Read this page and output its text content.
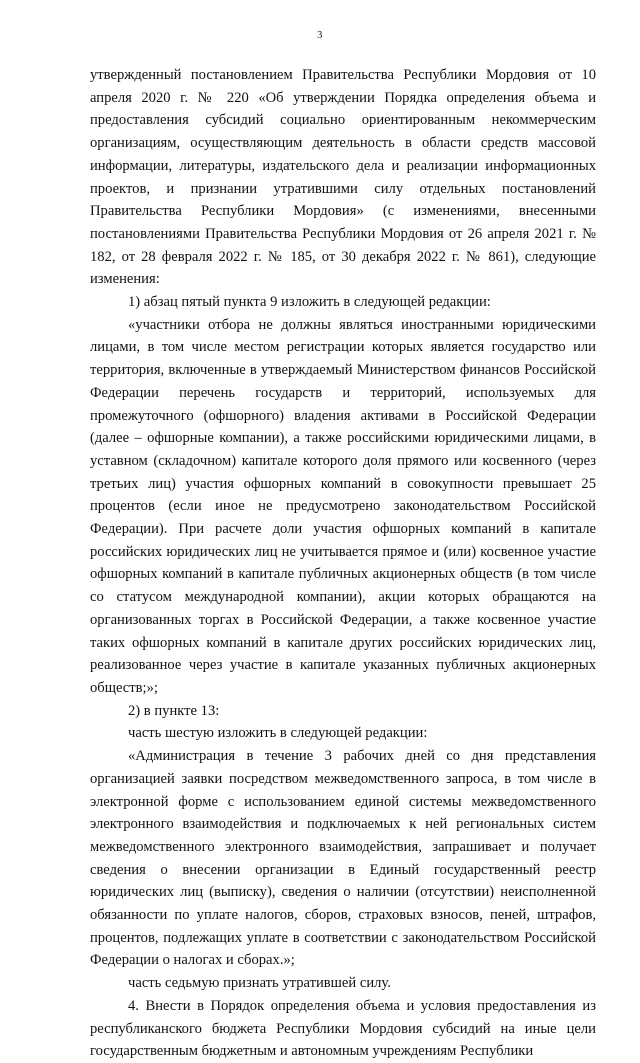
3

утвержденный постановлением Правительства Республики Мордовия от 10 апреля 2020 г. № 220 «Об утверждении Порядка определения объема и предоставления субсидий социально ориентированным некоммерческим организациям, осуществляющим деятельность в области средств массовой информации, литературы, издательского дела и реализации информационных проектов, и признании утратившими силу отдельных постановлений Правительства Республики Мордовия» (с изменениями, внесенными постановлениями Правительства Республики Мордовия от 26 апреля 2021 г. № 182, от 28 февраля 2022 г. № 185, от 30 декабря 2022 г. № 861), следующие изменения:

1) абзац пятый пункта 9 изложить в следующей редакции:

«участники отбора не должны являться иностранными юридическими лицами, в том числе местом регистрации которых является государство или территория, включенные в утверждаемый Министерством финансов Российской Федерации перечень государств и территорий, используемых для промежуточного (офшорного) владения активами в Российской Федерации (далее – офшорные компании), а также российскими юридическими лицами, в уставном (складочном) капитале которого доля прямого или косвенного (через третьих лиц) участия офшорных компаний в совокупности превышает 25 процентов (если иное не предусмотрено законодательством Российской Федерации). При расчете доли участия офшорных компаний в капитале российских юридических лиц не учитывается прямое и (или) косвенное участие офшорных компаний в капитале публичных акционерных обществ (в том числе со статусом международной компании), акции которых обращаются на организованных торгах в Российской Федерации, а также косвенное участие таких офшорных компаний в капитале других российских юридических лиц, реализованное через участие в капитале указанных публичных акционерных обществ;»;

2) в пункте 13:

часть шестую изложить в следующей редакции:

«Администрация в течение 3 рабочих дней со дня представления организацией заявки посредством межведомственного запроса, в том числе в электронной форме с использованием единой системы межведомственного электронного взаимодействия и подключаемых к ней региональных систем межведомственного электронного взаимодействия, запрашивает и получает сведения о внесении организации в Единый государственный реестр юридических лиц (выписку), сведения о наличии (отсутствии) неисполненной обязанности по уплате налогов, сборов, страховых взносов, пеней, штрафов, процентов, подлежащих уплате в соответствии с законодательством Российской Федерации о налогах и сборах.»;

часть седьмую признать утратившей силу.

4. Внести в Порядок определения объема и условия предоставления из республиканского бюджета Республики Мордовия субсидий на иные цели государственным бюджетным и автономным учреждениям Республики
